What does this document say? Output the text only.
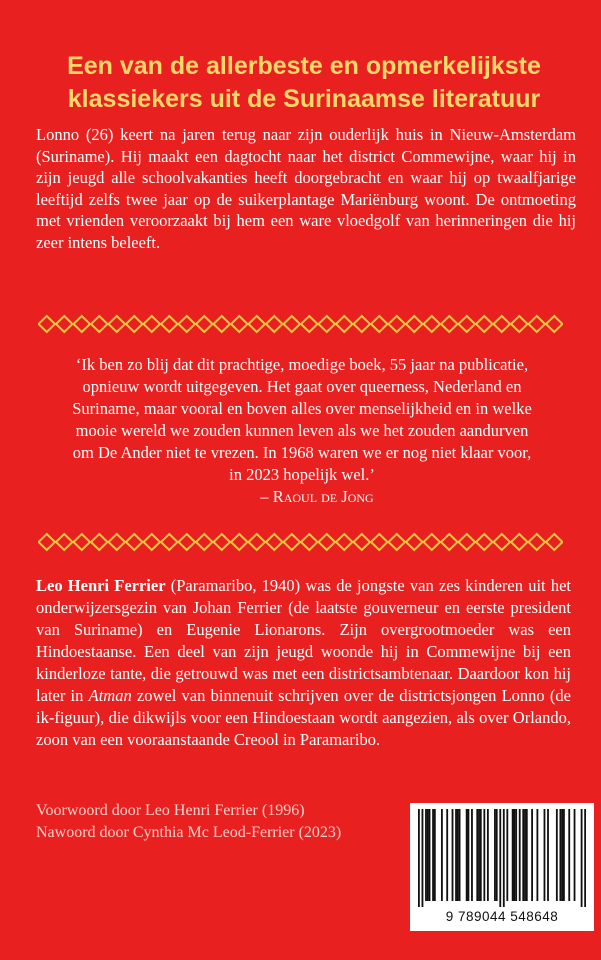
Een van de allerbeste en opmerkelijkste
klassiekers uit de Surinaamse literatuur

Lonno (26) keert na jaren terug naar zijn ouderlijk huis in Nieuw-Amsterdam (Suriname). Hij maakt een dagtocht naar het district Commewijne, waar hij in zijn jeugd alle schoolvakanties heeft doorgebracht en waar hij op twaalfjarige leeftijd zelfs twee jaar op de suikerplantage Mariënburg woont. De ontmoeting met vrienden veroorzaakt bij hem een ware vloedgolf van herinneringen die hij zeer intens beleeft.

‘Ik ben zo blij dat dit prachtige, moedige boek, 55 jaar na publicatie,
opnieuw wordt uitgegeven. Het gaat over queerness, Nederland en
Suriname, maar vooral en boven alles over menselijkheid en in welke
mooie wereld we zouden kunnen leven als we het zouden aandurven
om De Ander niet te vrezen. In 1968 waren we er nog niet klaar voor,
in 2023 hopelijk wel.’
– Raoul de Jong

Leo Henri Ferrier (Paramaribo, 1940) was de jongste van zes kinderen uit het onderwijzersgezin van Johan Ferrier (de laatste gouverneur en eerste president van Suriname) en Eugenie Lionarons. Zijn overgrootmoeder was een Hindoestaanse. Een deel van zijn jeugd woonde hij in Commewijne bij een kinderloze tante, die getrouwd was met een districtsambtenaar. Daardoor kon hij later in Atman zowel van binnenuit schrijven over de districtsjongen Lonno (de ik-figuur), die dikwijls voor een Hindoestaan wordt aangezien, als over Orlando, zoon van een vooraanstaande Creool in Paramaribo.

Voorwoord door Leo Henri Ferrier (1996)
Nawoord door Cynthia Mc Leod-Ferrier (2023)

9 789044 548648
